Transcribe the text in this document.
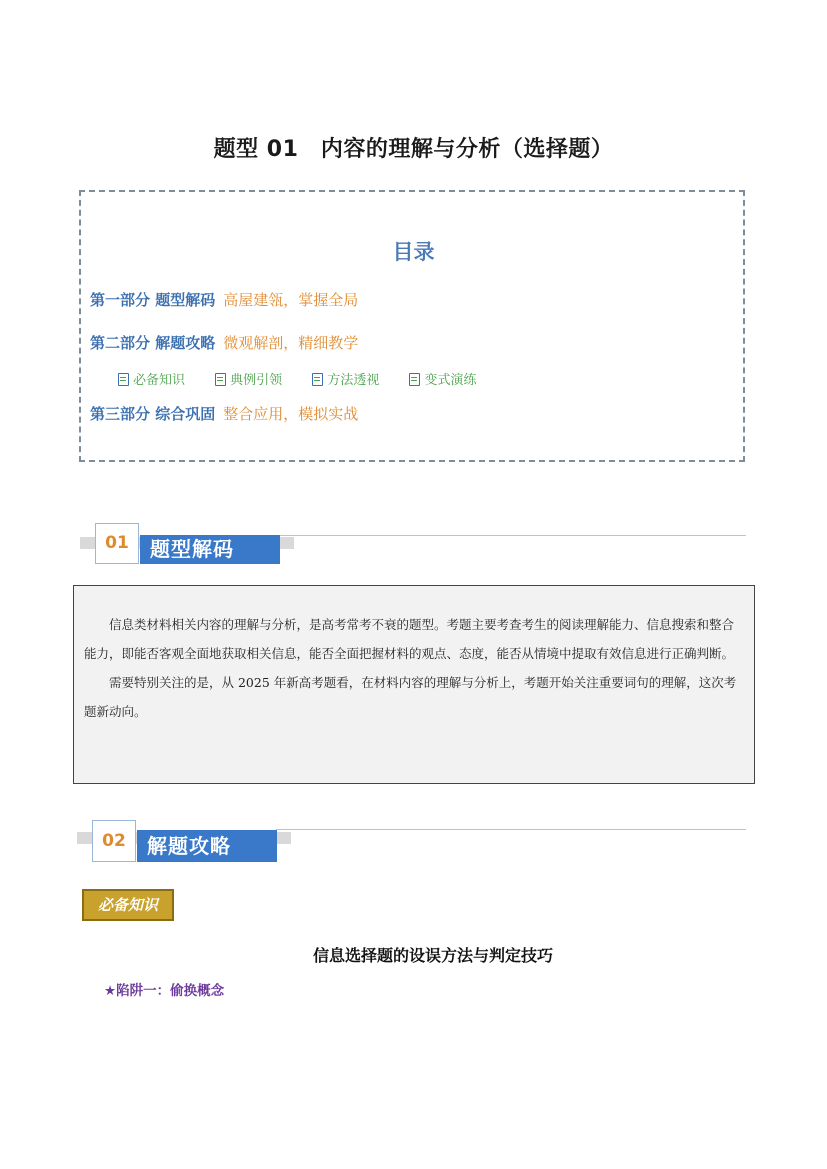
题型 01　内容的理解与分析（选择题）
目录
第一部分 题型解码 高屋建瓴，掌握全局
第二部分 解题攻略 微观解剖，精细教学
必备知识	典例引领	方法透视	变式演练
第三部分 综合巩固 整合应用，模拟实战
题型解码
01

信息类材料相关内容的理解与分析，是高考常考不衰的题型。考题主要考查考生的阅读理解能力、信息搜索和整合能力，即能否客观全面地获取相关信息，能否全面把握材料的观点、态度，能否从情境中提取有效信息进行正确判断。

需要特别关注的是，从 2025 年新高考题看，在材料内容的理解与分析上，考题开始关注重要词句的理解，这次考题新动向。

解题攻略
02
必备知识
信息选择题的设误方法与判定技巧
★陷阱一：偷换概念
